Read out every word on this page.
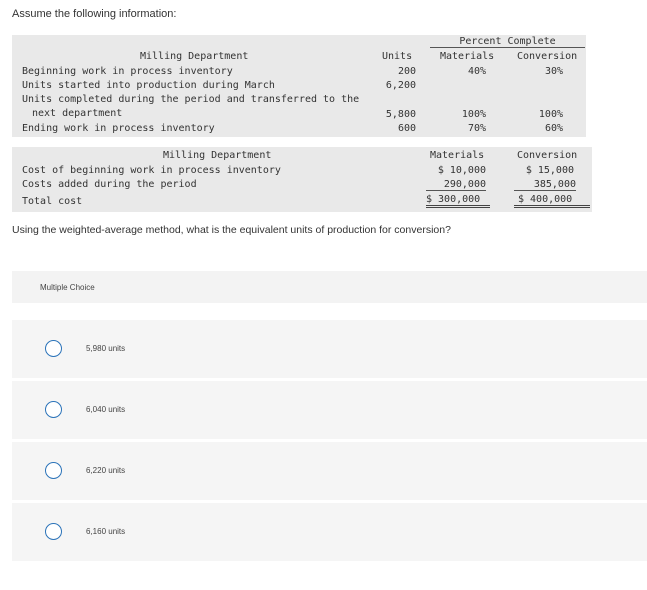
Assume the following information:
Percent Complete
Milling Department	Units	Materials Conversion
Beginning work in process inventory	200	40%	30%
Units started into production during March	6,200
Units completed during the period and transferred to the
next department	5,800	100%	100%
Ending work in process inventory	600	70%	60%
Milling Department	Materials	Conversion
Cost of beginning work in process inventory	$ 10,000	$ 15,000
Costs added during the period	290,000	385,000
Total cost	$ 300,000	$ 400,000
Using the weighted-average method, what is the equivalent units of production for conversion?
Multiple Choice
5,980 units
6,040 units
6,220 units
6,160 units
